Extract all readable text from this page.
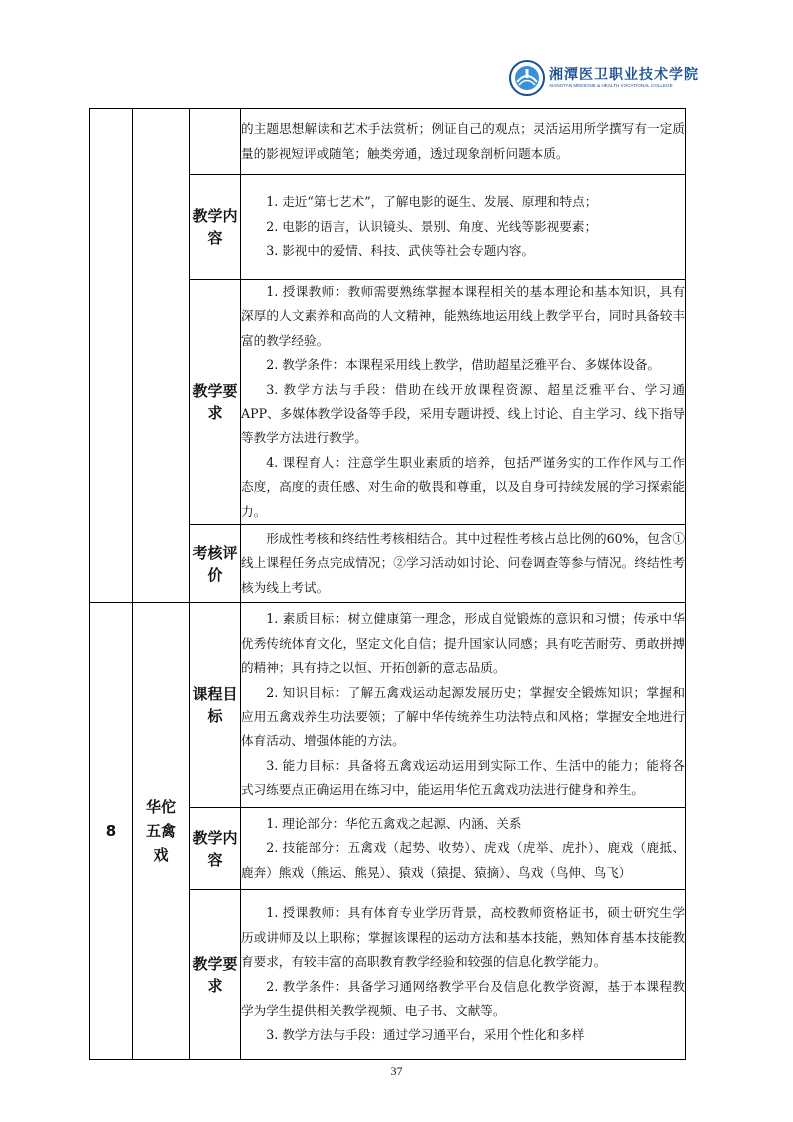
湘潭医卫职业技术学院
XIANGTAN MEDICINE & HEALTH VOCATIONAL COLLEGE

			的主题思想解读和艺术手法赏析；例证自己的观点；灵活运用所学撰写有一定质量的影视短评或随笔；触类旁通，透过现象剖析问题本质。

		教学内容	1. 走近“第七艺术”，了解电影的诞生、发展、原理和特点；

2. 电影的语言，认识镜头、景别、角度、光线等影视要素；

3. 影视中的爱情、科技、武侠等社会专题内容。

		教学要求	1. 授课教师：教师需要熟练掌握本课程相关的基本理论和基本知识，具有深厚的人文素养和高尚的人文精神，能熟练地运用线上教学平台，同时具备较丰富的教学经验。

2. 教学条件：本课程采用线上教学，借助超星泛雅平台、多媒体设备。

3. 教学方法与手段：借助在线开放课程资源、超星泛雅平台、学习通APP、多媒体教学设备等手段，采用专题讲授、线上讨论、自主学习、线下指导等教学方法进行教学。

4. 课程育人：注意学生职业素质的培养，包括严谨务实的工作作风与工作态度，高度的责任感、对生命的敬畏和尊重，以及自身可持续发展的学习探索能力。

		考核评价	形成性考核和终结性考核相结合。其中过程性考核占总比例的60%，包含①线上课程任务点完成情况；②学习活动如讨论、问卷调查等参与情况。终结性考核为线上考试。

8	华佗五禽戏	课程目标	1. 素质目标：树立健康第一理念，形成自觉锻炼的意识和习惯；传承中华优秀传统体育文化，坚定文化自信；提升国家认同感；具有吃苦耐劳、勇敢拼搏的精神；具有持之以恒、开拓创新的意志品质。

2. 知识目标：了解五禽戏运动起源发展历史；掌握安全锻炼知识；掌握和应用五禽戏养生功法要领；了解中华传统养生功法特点和风格；掌握安全地进行体育活动、增强体能的方法。

3. 能力目标：具备将五禽戏运动运用到实际工作、生活中的能力；能将各式习练要点正确运用在练习中，能运用华佗五禽戏功法进行健身和养生。

		教学内容	1. 理论部分：华佗五禽戏之起源、内涵、关系

2. 技能部分：五禽戏（起势、收势）、虎戏（虎举、虎扑）、鹿戏（鹿抵、鹿奔）熊戏（熊运、熊晃）、猿戏（猿提、猿摘）、鸟戏（鸟伸、鸟飞）

		教学要求	1. 授课教师：具有体育专业学历背景，高校教师资格证书，硕士研究生学历或讲师及以上职称；掌握该课程的运动方法和基本技能，熟知体育基本技能教育要求，有较丰富的高职教育教学经验和较强的信息化教学能力。

2. 教学条件：具备学习通网络教学平台及信息化教学资源，基于本课程教学为学生提供相关教学视频、电子书、文献等。

3. 教学方法与手段：通过学习通平台，采用个性化和多样

37
